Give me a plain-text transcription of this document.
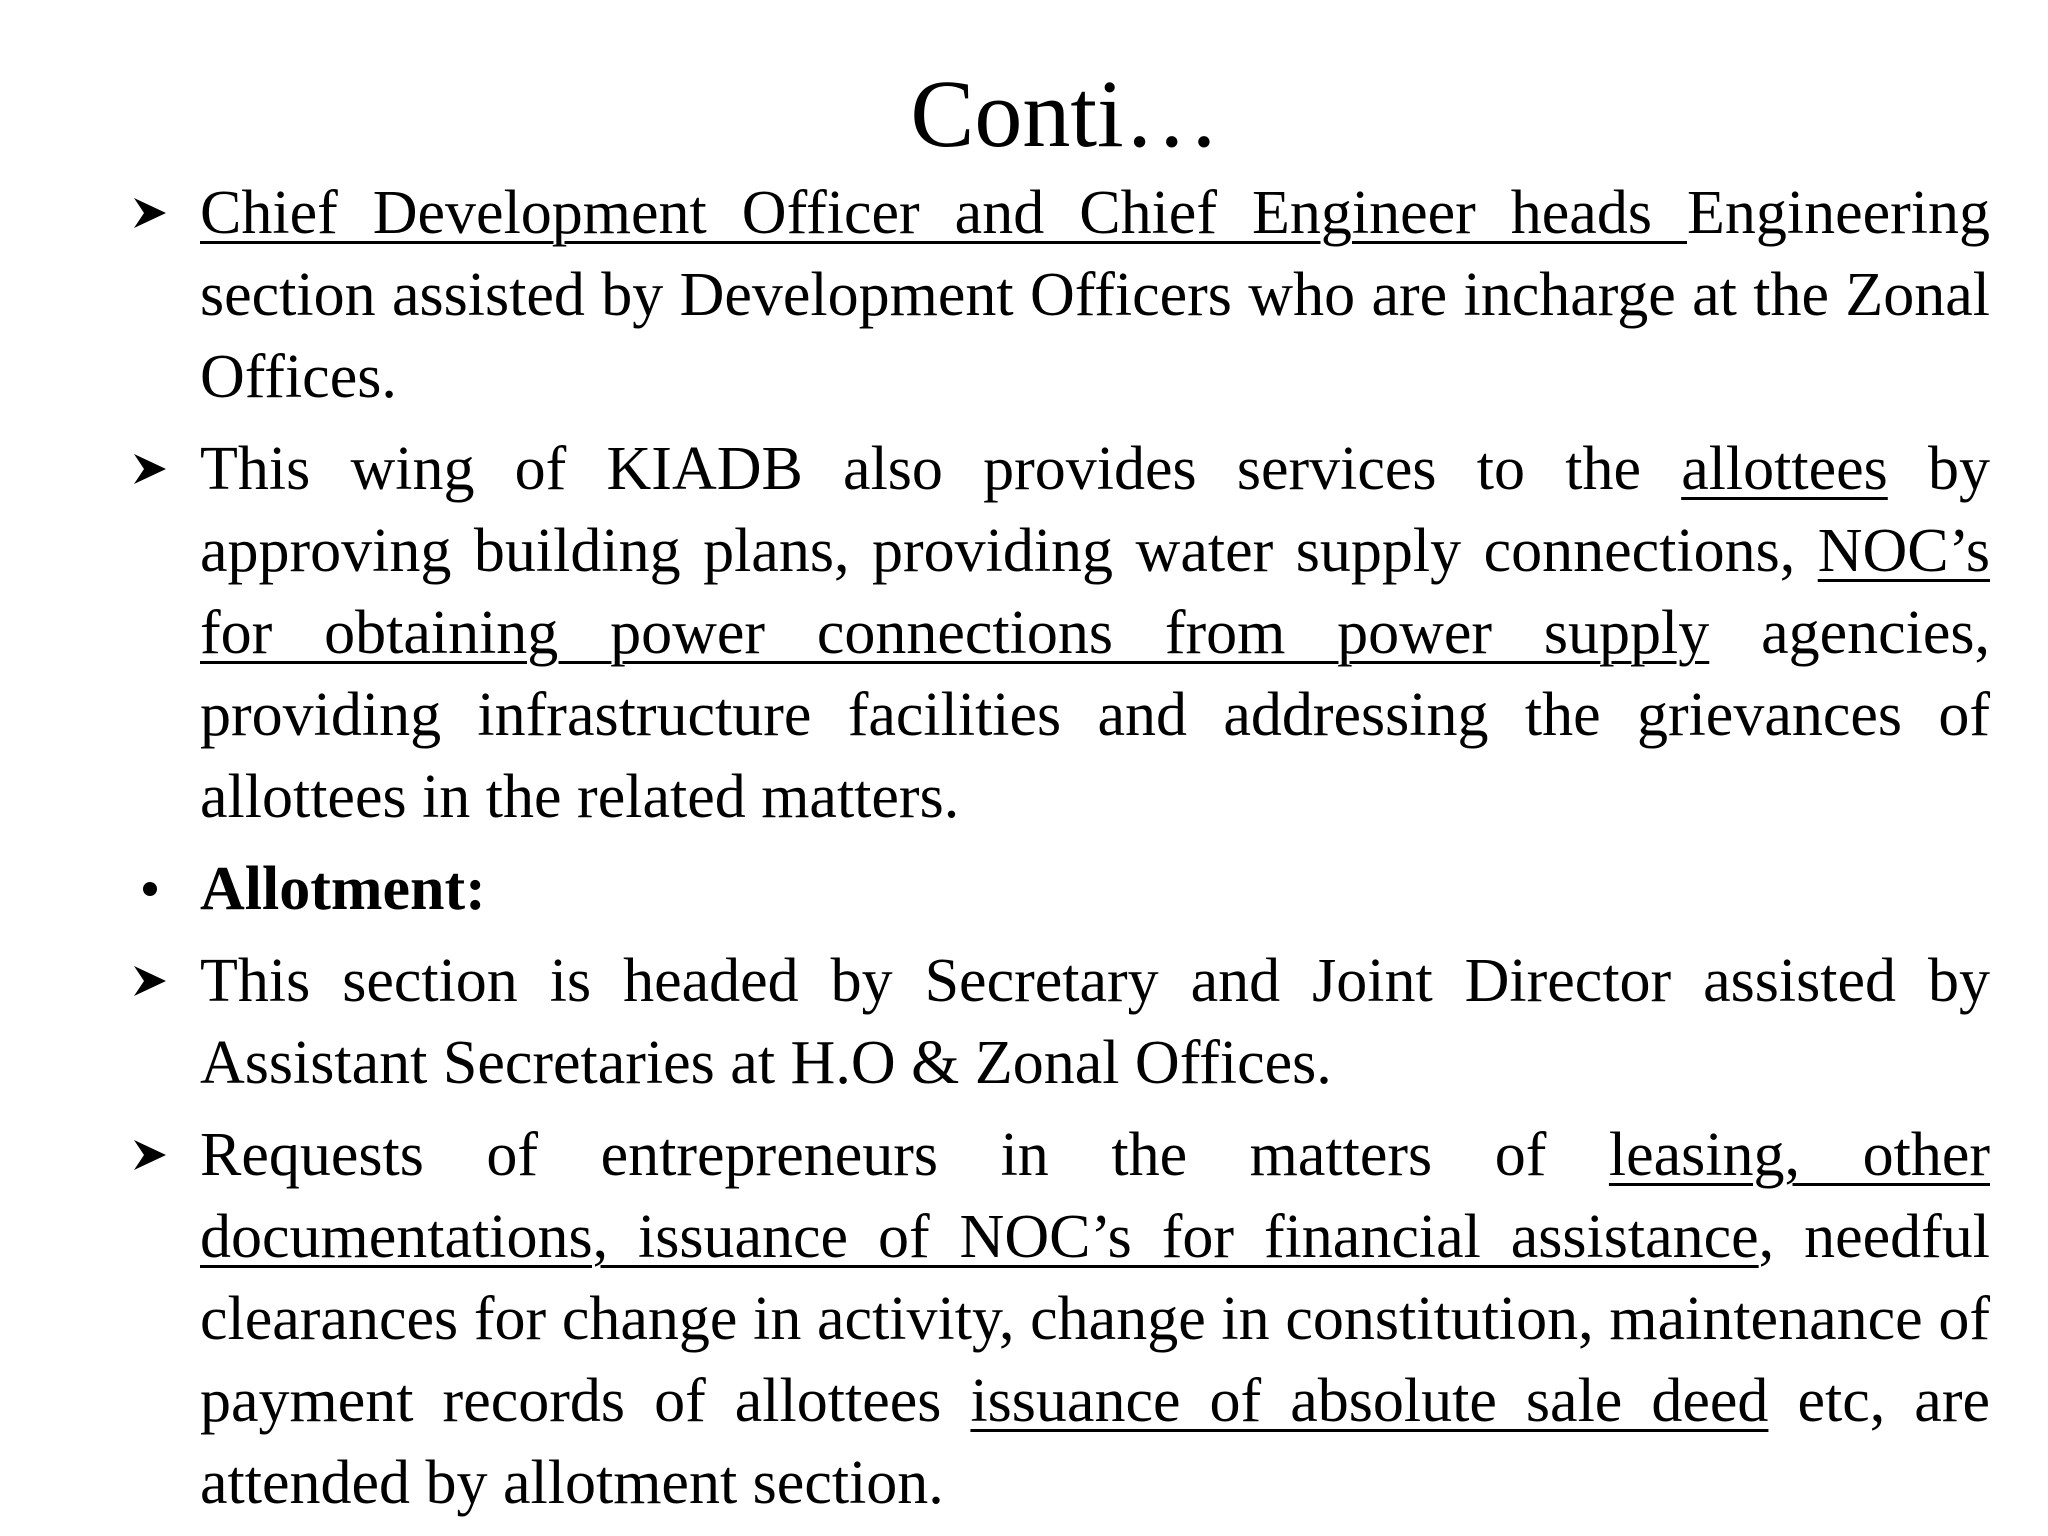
Conti…
Chief Development Officer and Chief Engineer heads Engineering section assisted by Development Officers who are incharge at the Zonal Offices.
This wing of KIADB also provides services to the allottees by approving building plans, providing water supply connections, NOC’s for obtaining power connections from power supply agencies, providing infrastructure facilities and addressing the grievances of allottees in the related matters.
Allotment:
This section is headed by Secretary and Joint Director assisted by Assistant Secretaries at H.O & Zonal Offices.
Requests of entrepreneurs in the matters of leasing, other documentations, issuance of NOC’s for financial assistance, needful clearances for change in activity, change in constitution, maintenance of payment records of allottees issuance of absolute sale deed etc, are attended by allotment section.
